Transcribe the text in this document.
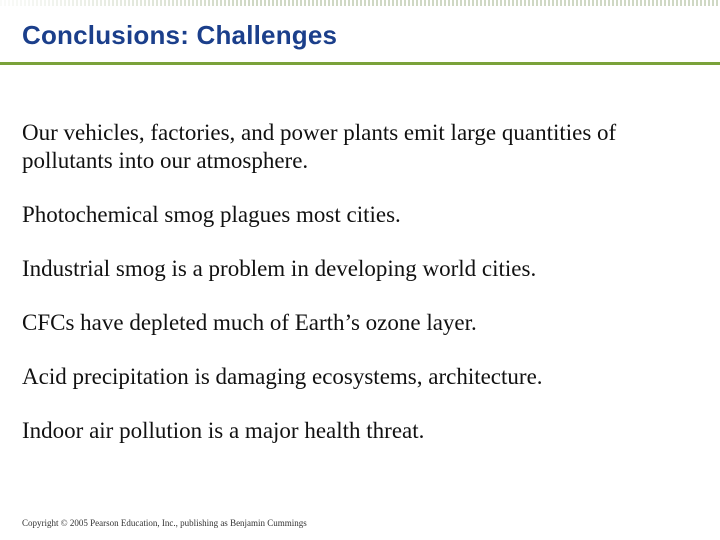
Conclusions: Challenges
Our vehicles, factories, and power plants emit large quantities of pollutants into our atmosphere.
Photochemical smog plagues most cities.
Industrial smog is a problem in developing world cities.
CFCs have depleted much of Earth’s ozone layer.
Acid precipitation is damaging ecosystems, architecture.
Indoor air pollution is a major health threat.

Copyright © 2005 Pearson Education, Inc., publishing as Benjamin Cummings
